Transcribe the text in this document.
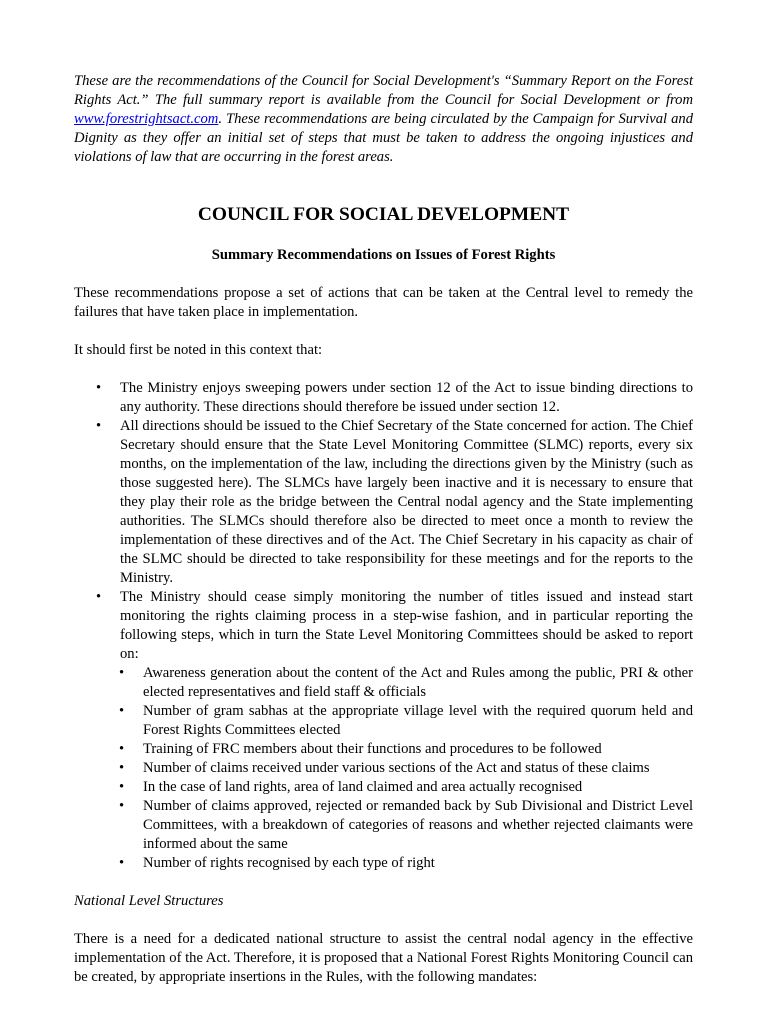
These are the recommendations of the Council for Social Development's “Summary Report on the Forest Rights Act.” The full summary report is available from the Council for Social Development or from www.forestrightsact.com. These recommendations are being circulated by the Campaign for Survival and Dignity as they offer an initial set of steps that must be taken to address the ongoing injustices and violations of law that are occurring in the forest areas.

COUNCIL FOR SOCIAL DEVELOPMENT
Summary Recommendations on Issues of Forest Rights

These recommendations propose a set of actions that can be taken at the Central level to remedy the failures that have taken place in implementation.

It should first be noted in this context that:

• The Ministry enjoys sweeping powers under section 12 of the Act to issue binding directions to any authority. These directions should therefore be issued under section 12.
• All directions should be issued to the Chief Secretary of the State concerned for action. The Chief Secretary should ensure that the State Level Monitoring Committee (SLMC) reports, every six months, on the implementation of the law, including the directions given by the Ministry (such as those suggested here). The SLMCs have largely been inactive and it is necessary to ensure that they play their role as the bridge between the Central nodal agency and the State implementing authorities. The SLMCs should therefore also be directed to meet once a month to review the implementation of these directives and of the Act. The Chief Secretary in his capacity as chair of the SLMC should be directed to take responsibility for these meetings and for the reports to the Ministry.
• The Ministry should cease simply monitoring the number of titles issued and instead start monitoring the rights claiming process in a step-wise fashion, and in particular reporting the following steps, which in turn the State Level Monitoring Committees should be asked to report on:
• Awareness generation about the content of the Act and Rules among the public, PRI & other elected representatives and field staff & officials
• Number of gram sabhas at the appropriate village level with the required quorum held and Forest Rights Committees elected
• Training of FRC members about their functions and procedures to be followed
• Number of claims received under various sections of the Act and status of these claims
• In the case of land rights, area of land claimed and area actually recognised
• Number of claims approved, rejected or remanded back by Sub Divisional and District Level Committees, with a breakdown of categories of reasons and whether rejected claimants were informed about the same
• Number of rights recognised by each type of right

National Level Structures

There is a need for a dedicated national structure to assist the central nodal agency in the effective implementation of the Act. Therefore, it is proposed that a National Forest Rights Monitoring Council can be created, by appropriate insertions in the Rules, with the following mandates:
